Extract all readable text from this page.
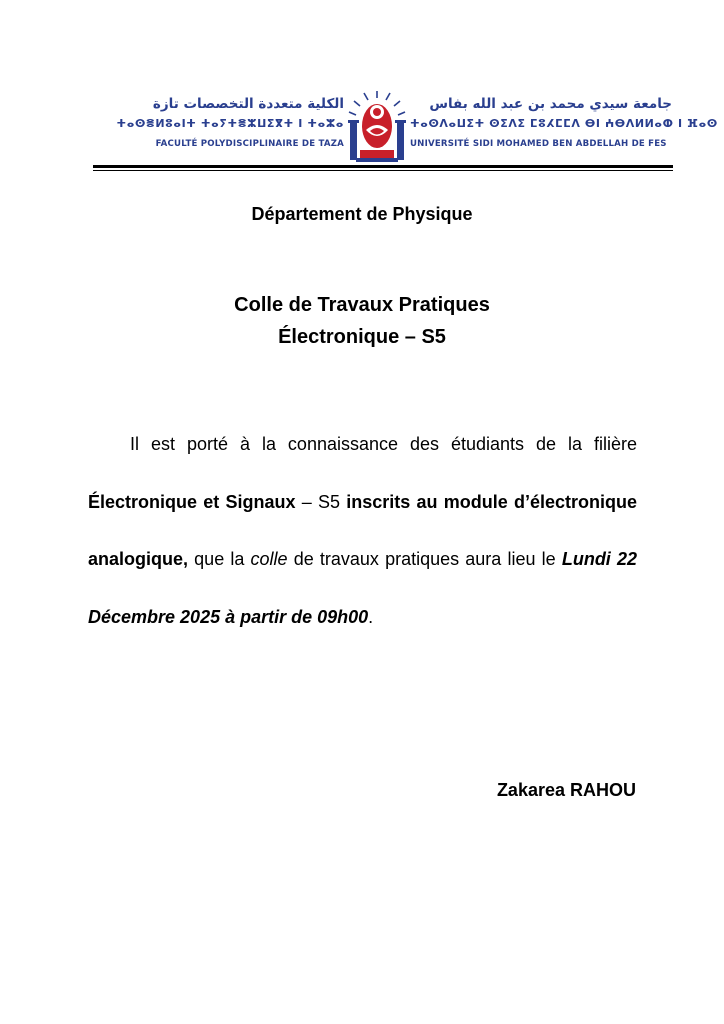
الكلية متعددة التخصصات تازة
ⵜⴰⵙⴻⵍⵓⴰⵏⵜ ⵜⴰⵢⵜⴻⵣⵡⵉⴳⵜ ⵏ ⵜⴰⵣⴰ
FACULTÉ POLYDISCIPLINAIRE DE TAZA
جامعة سيدي محمد بن عبد الله بفاس
ⵜⴰⵙⴷⴰⵡⵉⵜ ⵙⵉⴷⵉ ⵎⵓⵃⵎⵎⴷ ⴱⵏ ⵄⴱⴷⵍⵍⴰⵀ ⵏ ⴼⴰⵙ
UNIVERSITÉ SIDI MOHAMED BEN ABDELLAH DE FES
Département de Physique
Colle de Travaux Pratiques
Électronique – S5

Il est porté à la connaissance des étudiants de la filière Électronique et Signaux – S5 inscrits au module d’électronique analogique, que la colle de travaux pratiques aura lieu le Lundi 22 Décembre 2025 à partir de 09h00.

Zakarea RAHOU
